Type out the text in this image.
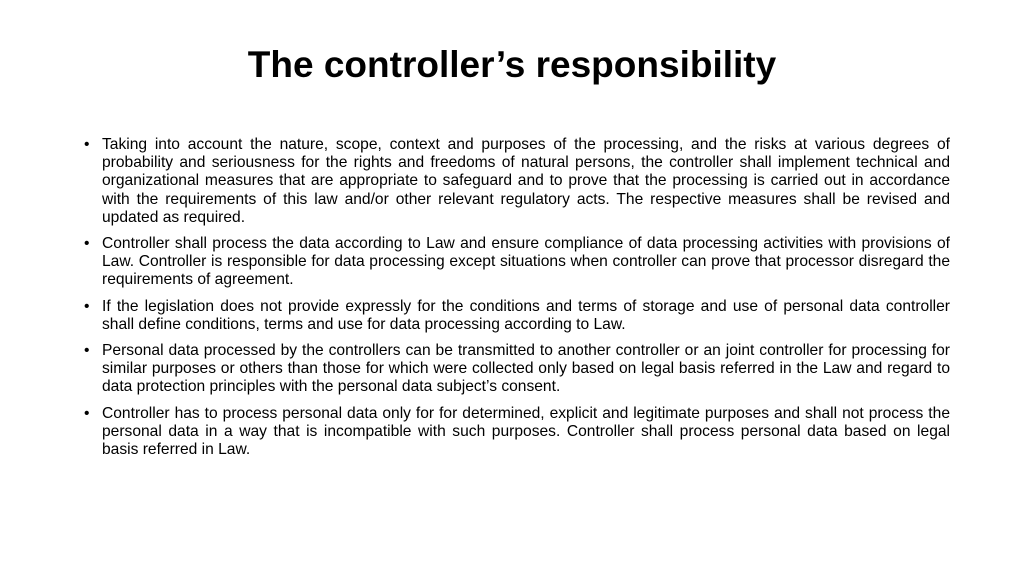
The controller’s responsibility
• Taking into account the nature, scope, context and purposes of the processing, and the risks at various degrees of probability and seriousness for the rights and freedoms of natural persons, the controller shall implement technical and organizational measures that are appropriate to safeguard and to prove that the processing is carried out in accordance with the requirements of this law and/or other relevant regulatory acts. The respective measures shall be revised and updated as required.
• Controller shall process the data according to Law and ensure compliance of data processing activities with provisions of Law. Controller is responsible for data processing except situations when controller can prove that processor disregard the requirements of agreement.
• If the legislation does not provide expressly for the conditions and terms of storage and use of personal data controller shall define conditions, terms and use for data processing according to Law.
• Personal data processed by the controllers can be transmitted to another controller or an joint controller for processing for similar purposes or others than those for which were collected only based on legal basis referred in the Law and regard to data protection principles with the personal data subject’s consent.
• Controller has to process personal data only for for determined, explicit and legitimate purposes and shall not process the personal data in a way that is incompatible with such purposes. Controller shall process personal data based on legal basis referred in Law.
